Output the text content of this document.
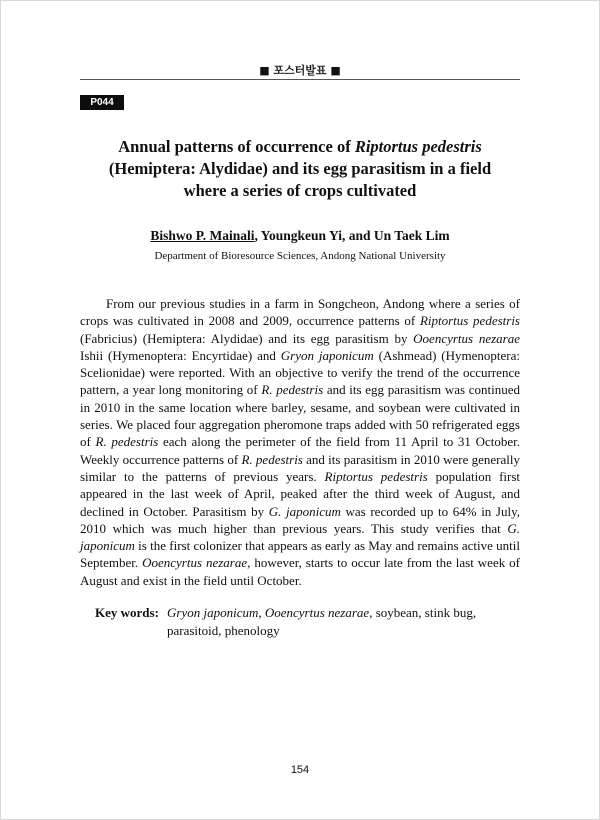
■ 포스터발표 ■
P044
Annual patterns of occurrence of Riptortus pedestris
(Hemiptera: Alydidae) and its egg parasitism in a field
where a series of crops cultivated
Bishwo P. Mainali, Youngkeun Yi, and Un Taek Lim
Department of Bioresource Sciences, Andong National University

From our previous studies in a farm in Songcheon, Andong where a series of crops was cultivated in 2008 and 2009, occurrence patterns of Riptortus pedestris (Fabricius) (Hemiptera: Alydidae) and its egg parasitism by Ooencyrtus nezarae Ishii (Hymenoptera: Encyrtidae) and Gryon japonicum (Ashmead) (Hymenoptera: Scelionidae) were reported. With an objective to verify the trend of the occurrence pattern, a year long monitoring of R. pedestris and its egg parasitism was continued in 2010 in the same location where barley, sesame, and soybean were cultivated in series. We placed four aggregation pheromone traps added with 50 refrigerated eggs of R. pedestris each along the perimeter of the field from 11 April to 31 October. Weekly occurrence patterns of R. pedestris and its parasitism in 2010 were generally similar to the patterns of previous years. Riptortus pedestris population first appeared in the last week of April, peaked after the third week of August, and declined in October. Parasitism by G. japonicum was recorded up to 64% in July, 2010 which was much higher than previous years. This study verifies that G. japonicum is the first colonizer that appears as early as May and remains active until September. Ooencyrtus nezarae, however, starts to occur late from the last week of August and exist in the field until October.

Key words: Gryon japonicum, Ooencyrtus nezarae, soybean, stink bug, parasitoid, phenology
154
